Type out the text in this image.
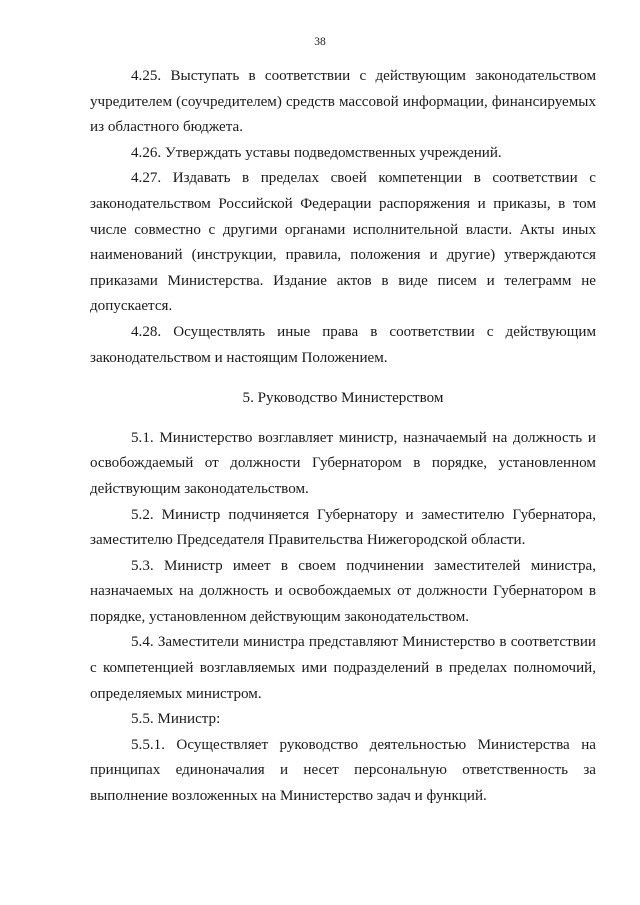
38

4.25. Выступать в соответствии с действующим законодательством учредителем (соучредителем) средств массовой информации, финансируемых из областного бюджета.

4.26. Утверждать уставы подведомственных учреждений.

4.27. Издавать в пределах своей компетенции в соответствии с законодательством Российской Федерации распоряжения и приказы, в том числе совместно с другими органами исполнительной власти. Акты иных наименований (инструкции, правила, положения и другие) утверждаются приказами Министерства. Издание актов в виде писем и телеграмм не допускается.

4.28. Осуществлять иные права в соответствии с действующим законодательством и настоящим Положением.

5. Руководство Министерством

5.1. Министерство возглавляет министр, назначаемый на должность и освобождаемый от должности Губернатором в порядке, установленном действующим законодательством.

5.2. Министр подчиняется Губернатору и заместителю Губернатора, заместителю Председателя Правительства Нижегородской области.

5.3. Министр имеет в своем подчинении заместителей министра, назначаемых на должность и освобождаемых от должности Губернатором в порядке, установленном действующим законодательством.

5.4. Заместители министра представляют Министерство в соответствии с компетенцией возглавляемых ими подразделений в пределах полномочий, определяемых министром.

5.5. Министр:

5.5.1. Осуществляет руководство деятельностью Министерства на принципах единоначалия и несет персональную ответственность за выполнение возложенных на Министерство задач и функций.
